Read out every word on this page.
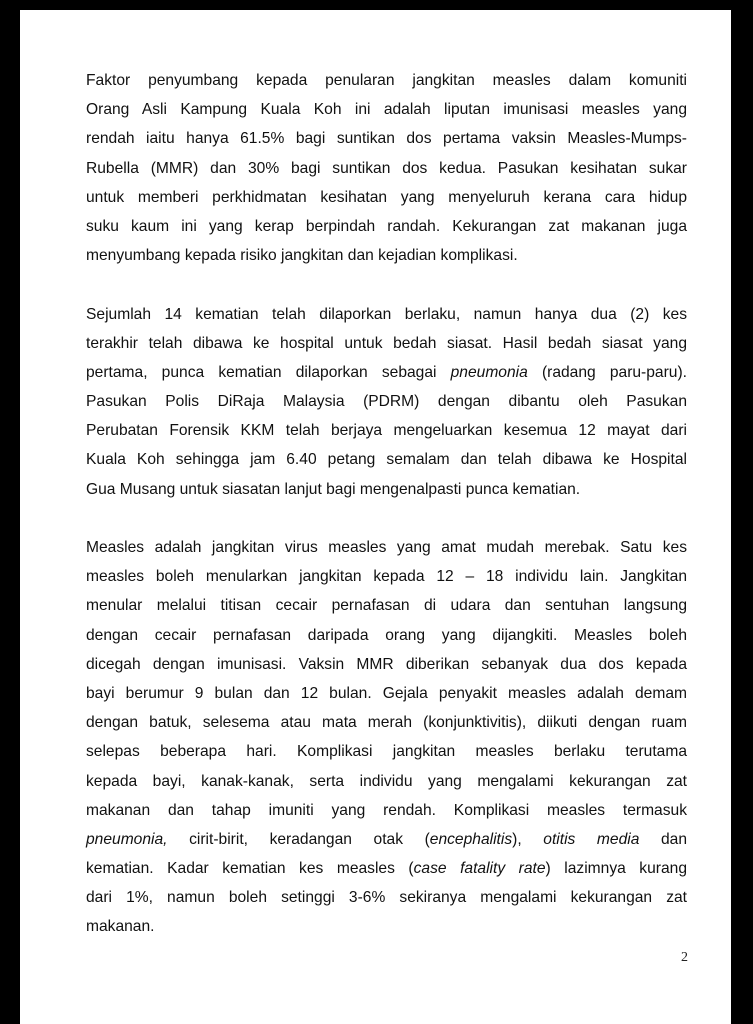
Faktor penyumbang kepada penularan jangkitan measles dalam komuniti
Orang Asli Kampung Kuala Koh ini adalah liputan imunisasi measles yang
rendah iaitu hanya 61.5% bagi suntikan dos pertama vaksin Measles-Mumps-
Rubella (MMR) dan 30% bagi suntikan dos kedua. Pasukan kesihatan sukar
untuk memberi perkhidmatan kesihatan yang menyeluruh kerana cara hidup
suku kaum ini yang kerap berpindah randah. Kekurangan zat makanan juga
menyumbang kepada risiko jangkitan dan kejadian komplikasi.
Sejumlah 14 kematian telah dilaporkan berlaku, namun hanya dua (2) kes
terakhir telah dibawa ke hospital untuk bedah siasat. Hasil bedah siasat yang
pertama, punca kematian dilaporkan sebagai pneumonia (radang paru-paru).
Pasukan Polis DiRaja Malaysia (PDRM) dengan dibantu oleh Pasukan
Perubatan Forensik KKM telah berjaya mengeluarkan kesemua 12 mayat dari
Kuala Koh sehingga jam 6.40 petang semalam dan telah dibawa ke Hospital
Gua Musang untuk siasatan lanjut bagi mengenalpasti punca kematian.
Measles adalah jangkitan virus measles yang amat mudah merebak. Satu kes
measles boleh menularkan jangkitan kepada 12 – 18 individu lain. Jangkitan
menular melalui titisan cecair pernafasan di udara dan sentuhan langsung
dengan cecair pernafasan daripada orang yang dijangkiti. Measles boleh
dicegah dengan imunisasi. Vaksin MMR diberikan sebanyak dua dos kepada
bayi berumur 9 bulan dan 12 bulan. Gejala penyakit measles adalah demam
dengan batuk, selesema atau mata merah (konjunktivitis), diikuti dengan ruam
selepas beberapa hari. Komplikasi jangkitan measles berlaku terutama
kepada bayi, kanak-kanak, serta individu yang mengalami kekurangan zat
makanan dan tahap imuniti yang rendah. Komplikasi measles termasuk
pneumonia, cirit-birit, keradangan otak (encephalitis), otitis media dan
kematian. Kadar kematian kes measles (case fatality rate) lazimnya kurang
dari 1%, namun boleh setinggi 3-6% sekiranya mengalami kekurangan zat
makanan.
2
